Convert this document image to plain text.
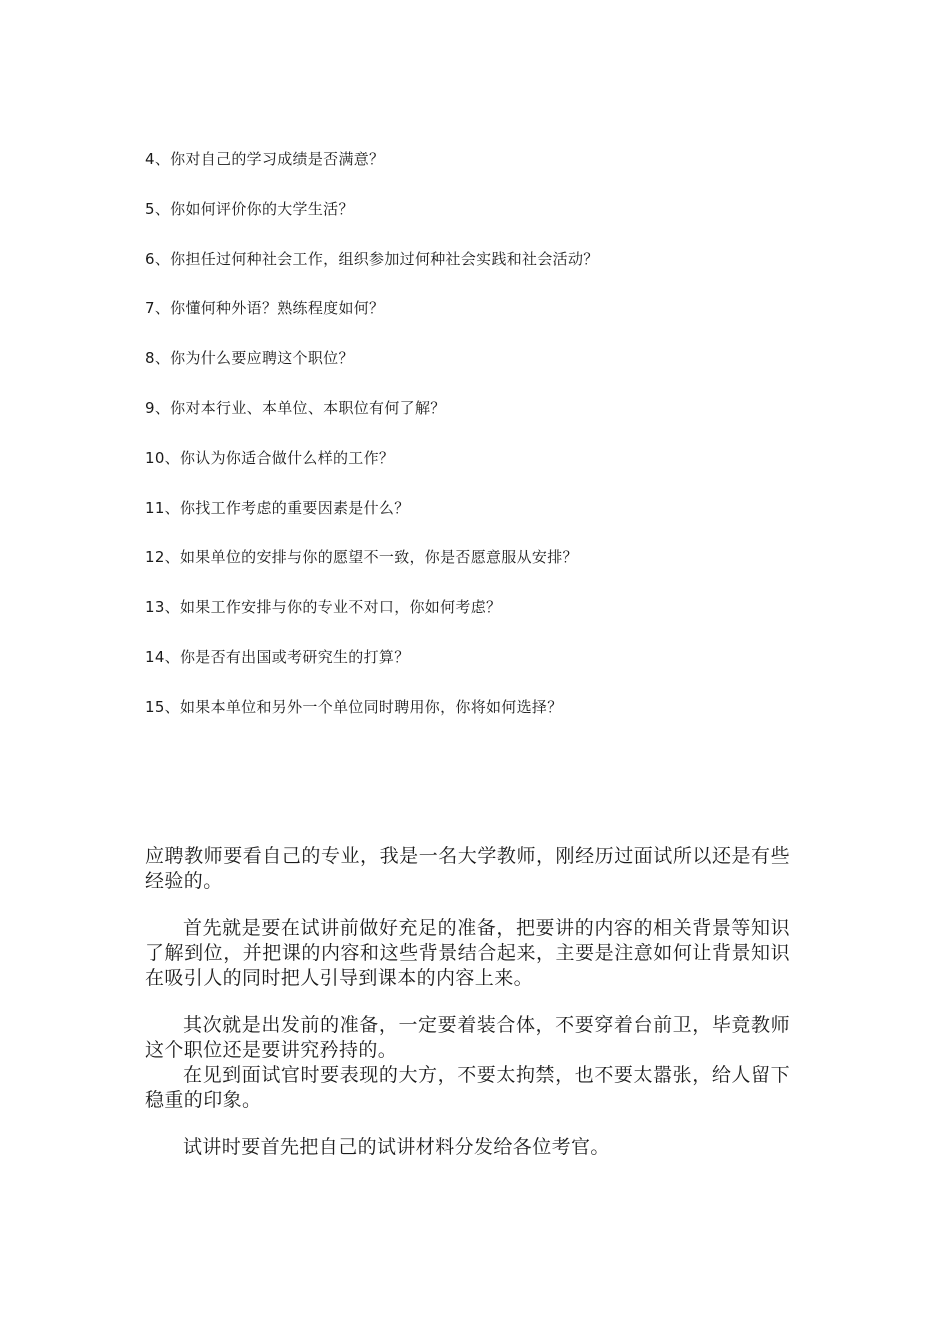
4、你对自己的学习成绩是否满意？
5、你如何评价你的大学生活？
6、你担任过何种社会工作，组织参加过何种社会实践和社会活动？
7、你懂何种外语？熟练程度如何？
8、你为什么要应聘这个职位？
9、你对本行业、本单位、本职位有何了解？
10、你认为你适合做什么样的工作？
11、你找工作考虑的重要因素是什么？
12、如果单位的安排与你的愿望不一致，你是否愿意服从安排？
13、如果工作安排与你的专业不对口，你如何考虑？
14、你是否有出国或考研究生的打算？
15、如果本单位和另外一个单位同时聘用你，你将如何选择？

应聘教师要看自己的专业，我是一名大学教师，刚经历过面试所以还是有些经验的。

首先就是要在试讲前做好充足的准备，把要讲的内容的相关背景等知识了解到位，并把课的内容和这些背景结合起来，主要是注意如何让背景知识在吸引人的同时把人引导到课本的内容上来。

其次就是出发前的准备，一定要着装合体，不要穿着台前卫，毕竟教师这个职位还是要讲究矜持的。

在见到面试官时要表现的大方，不要太拘禁，也不要太嚣张，给人留下稳重的印象。

试讲时要首先把自己的试讲材料分发给各位考官。
